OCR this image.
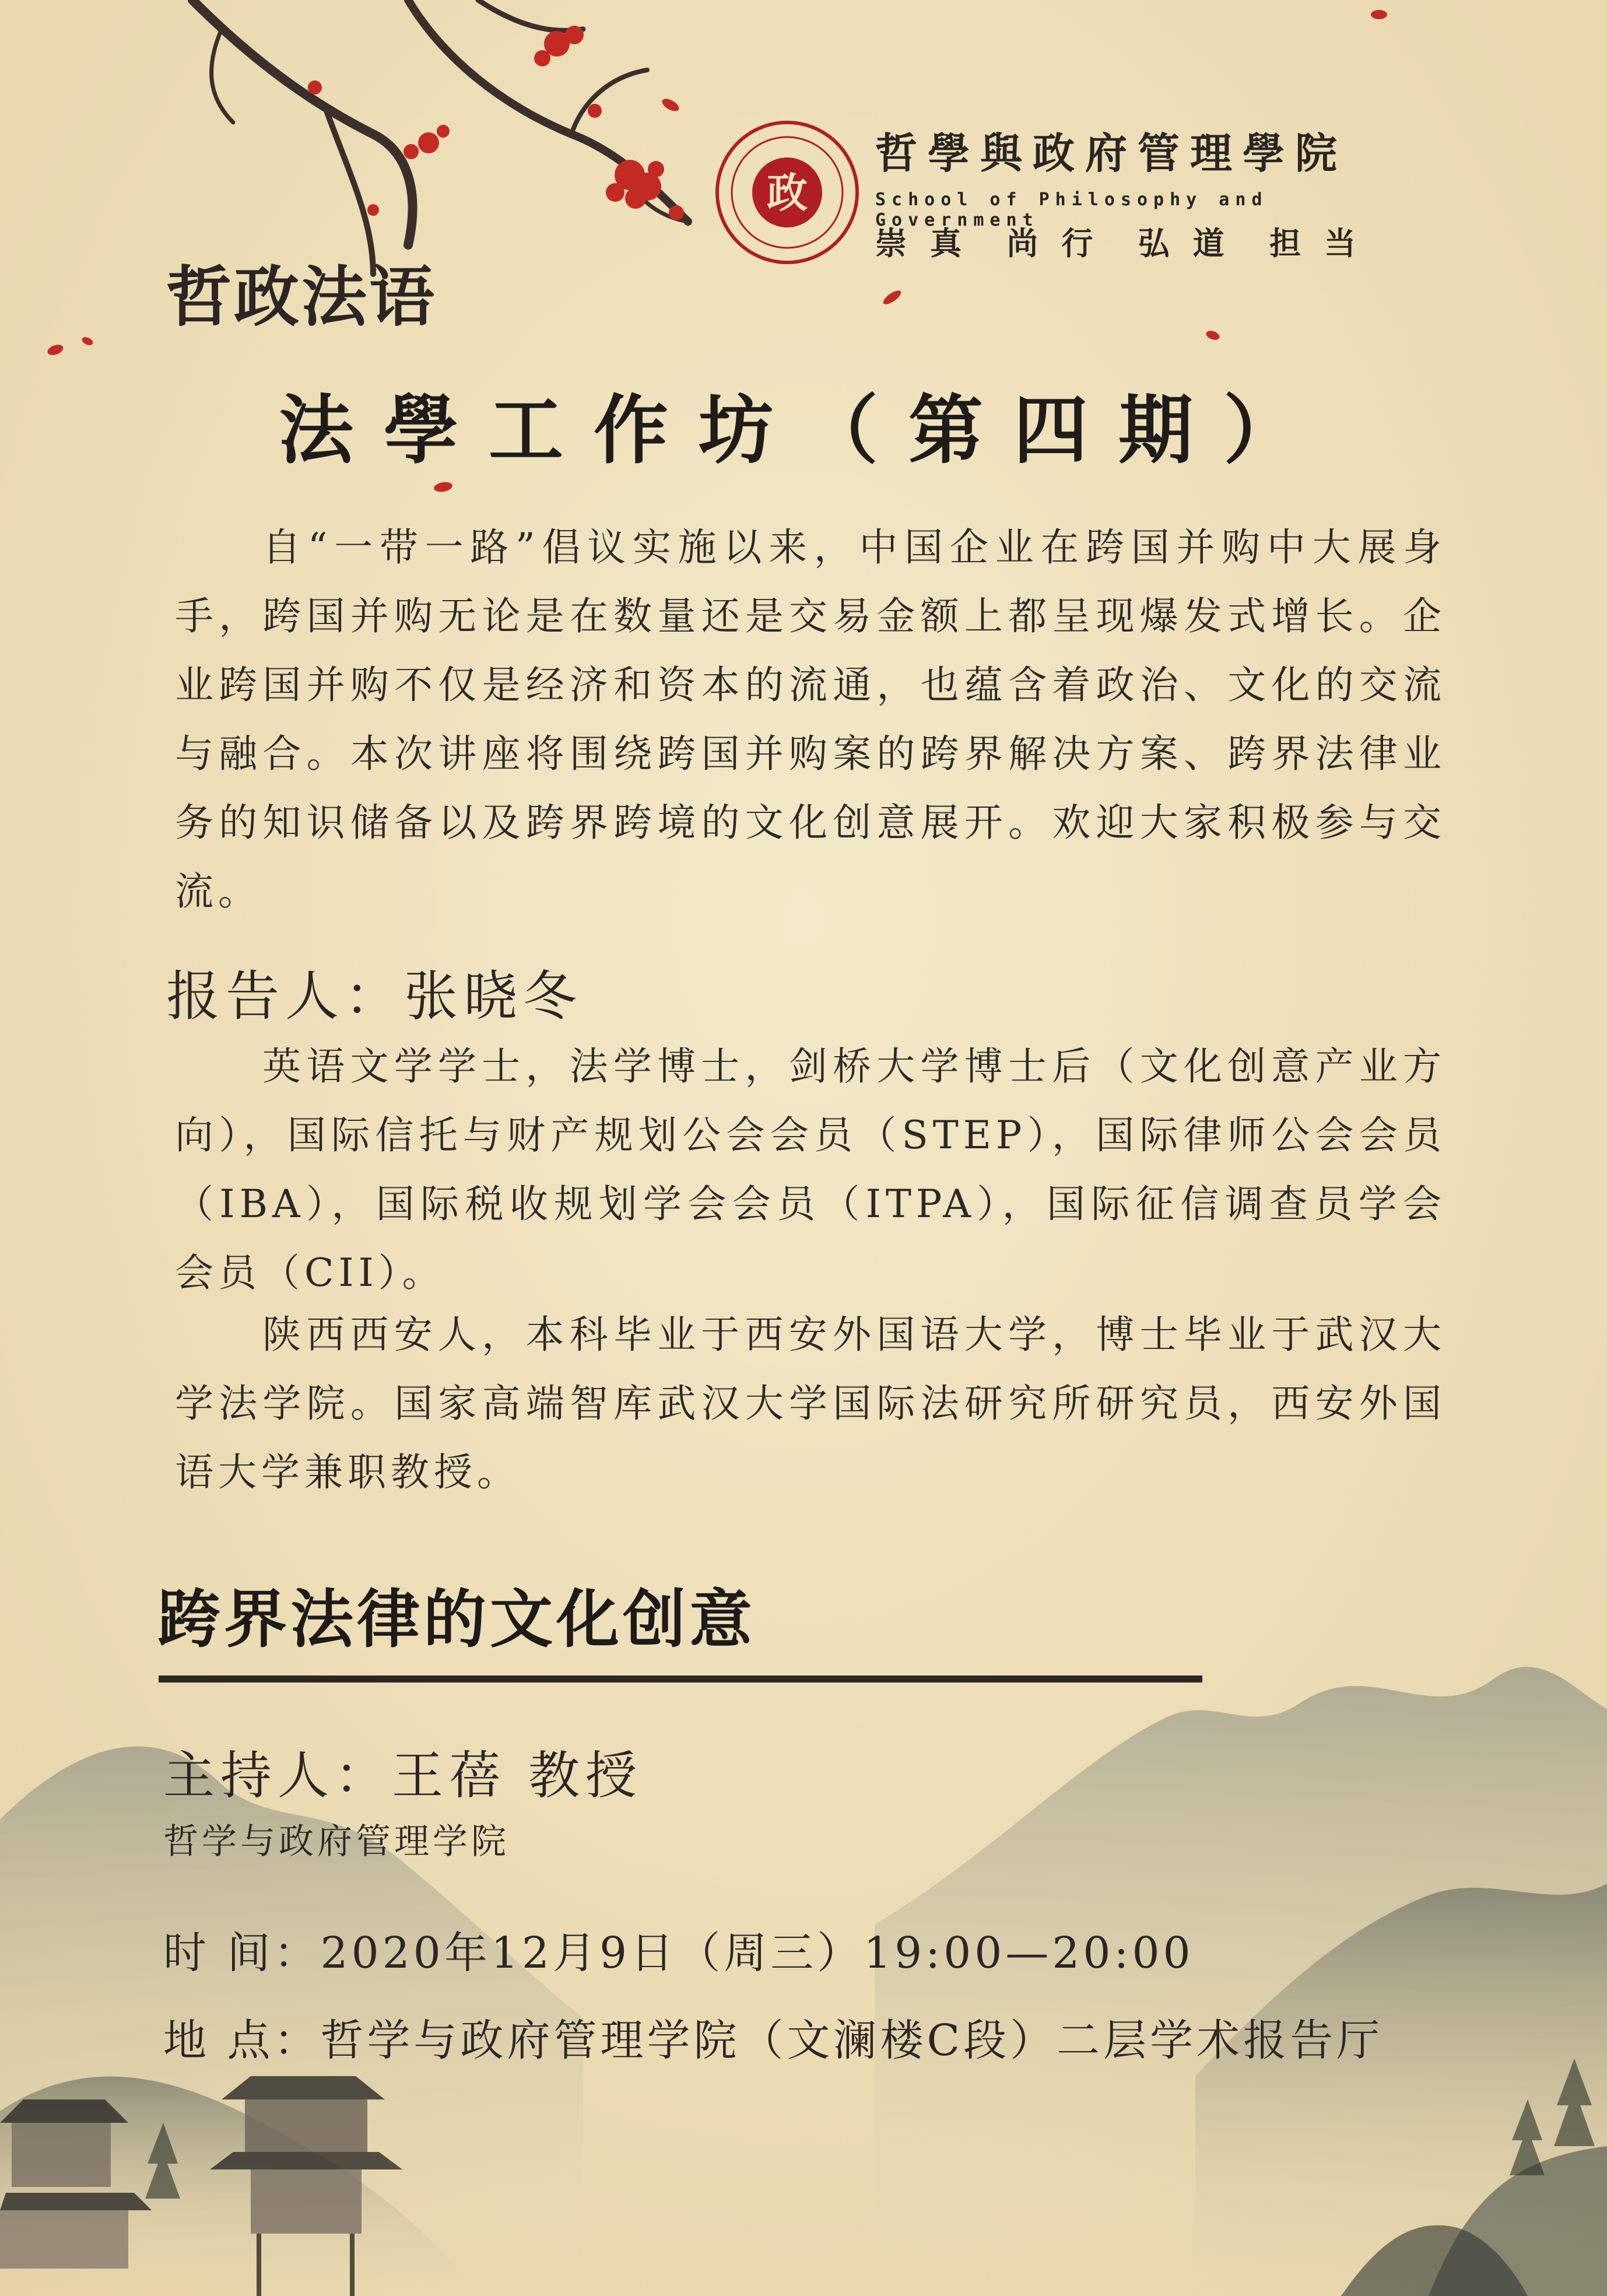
政
哲學與政府管理學院
School of Philosophy and Government
崇真 尚行 弘道 担当
哲政法语
法學工作坊（第四期）
自“一带一路”倡议实施以来，中国企业在跨国并购中大展身手，跨国并购无论是在数量还是交易金额上都呈现爆发式增长。企业跨国并购不仅是经济和资本的流通，也蕴含着政治、文化的交流与融合。本次讲座将围绕跨国并购案的跨界解决方案、跨界法律业务的知识储备以及跨界跨境的文化创意展开。欢迎大家积极参与交流。
报告人：张晓冬
英语文学学士，法学博士，剑桥大学博士后（文化创意产业方向），国际信托与财产规划公会会员（STEP），国际律师公会会员（IBA），国际税收规划学会会员（ITPA），国际征信调查员学会会员（CII）。
陕西西安人，本科毕业于西安外国语大学，博士毕业于武汉大学法学院。国家高端智库武汉大学国际法研究所研究员，西安外国语大学兼职教授。
跨界法律的文化创意
主持人：王蓓 教授
哲学与政府管理学院
时 间：2020年12月9日（周三）19:00—20:00
地 点：哲学与政府管理学院（文澜楼C段）二层学术报告厅
